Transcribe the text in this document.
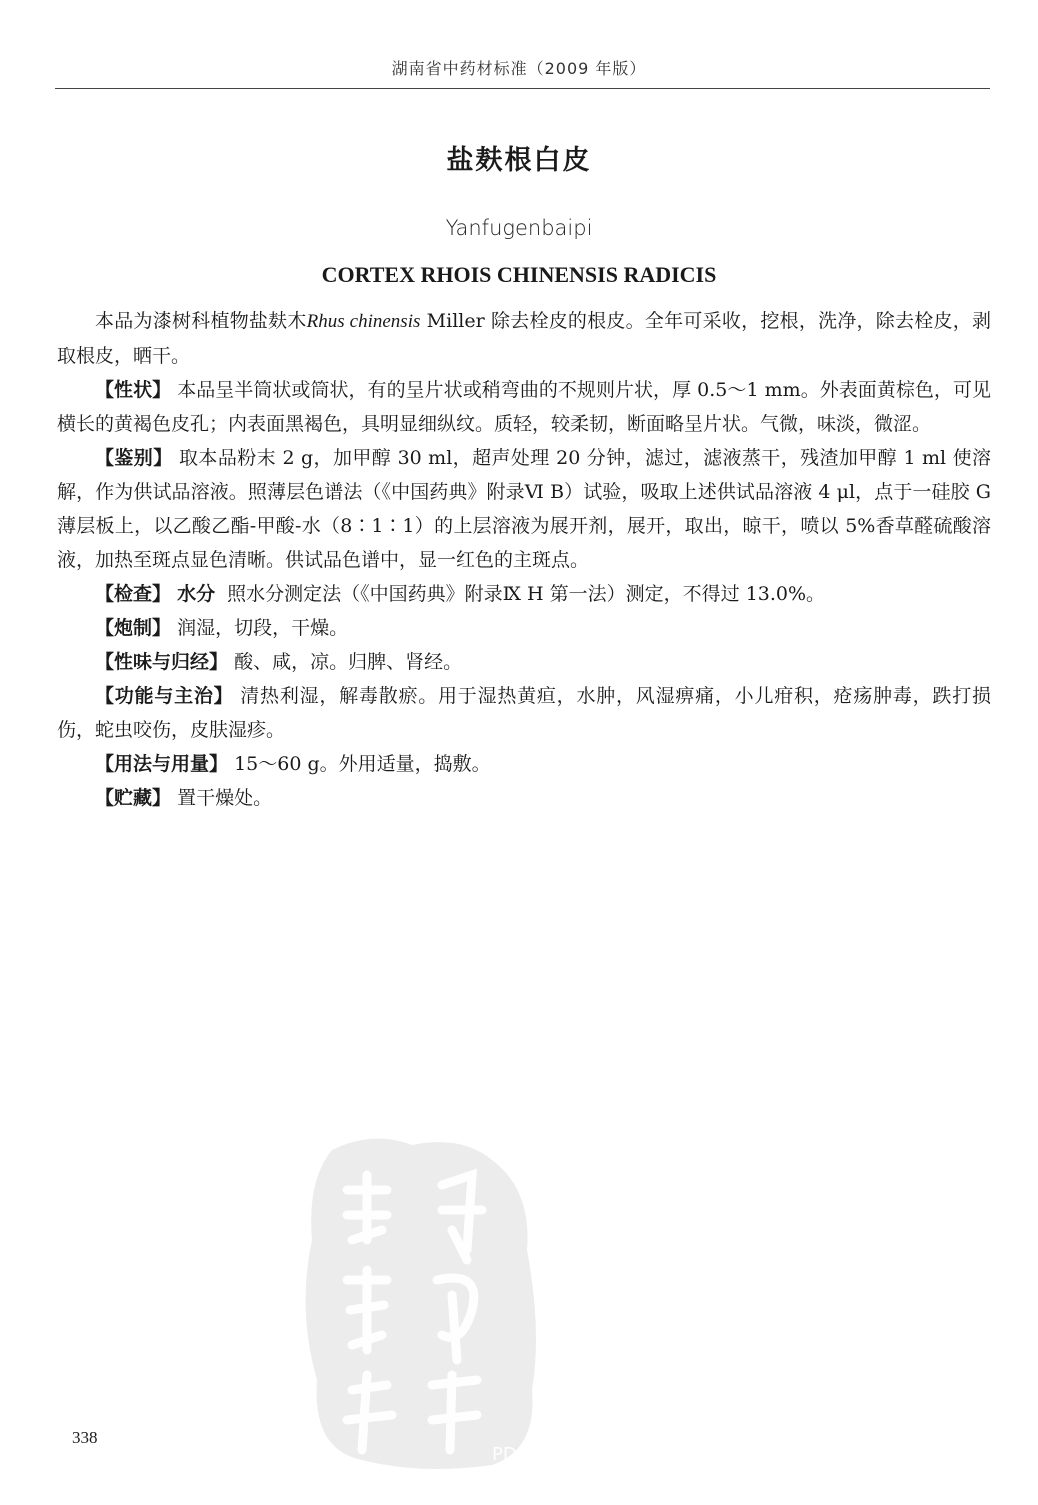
湖南省中药材标准（2009 年版）
盐麸根白皮
Yanfugenbaipi
CORTEX RHOIS CHINENSIS RADICIS

本品为漆树科植物盐麸木Rhus chinensis Miller 除去栓皮的根皮。全年可采收，挖根，洗净，除去栓皮，剥取根皮，晒干。

【性状】 本品呈半筒状或筒状，有的呈片状或稍弯曲的不规则片状，厚 0.5～1 mm。外表面黄棕色，可见横长的黄褐色皮孔；内表面黑褐色，具明显细纵纹。质轻，较柔韧，断面略呈片状。气微，味淡，微涩。

【鉴别】 取本品粉末 2 g，加甲醇 30 ml，超声处理 20 分钟，滤过，滤液蒸干，残渣加甲醇 1 ml 使溶解，作为供试品溶液。照薄层色谱法（《中国药典》附录Ⅵ B）试验，吸取上述供试品溶液 4 μl，点于一硅胶 G 薄层板上，以乙酸乙酯-甲酸-水（8∶1∶1）的上层溶液为展开剂，展开，取出，晾干，喷以 5%香草醛硫酸溶液，加热至斑点显色清晰。供试品色谱中，显一红色的主斑点。

【检查】 水分 照水分测定法（《中国药典》附录Ⅸ H 第一法）测定，不得过 13.0%。

【炮制】 润湿，切段，干燥。

【性味与归经】 酸、咸，凉。归脾、肾经。

【功能与主治】 清热利湿，解毒散瘀。用于湿热黄疸，水肿，风湿痹痛，小儿疳积，疮疡肿毒，跌打损伤，蛇虫咬伤，皮肤湿疹。

【用法与用量】 15～60 g。外用适量，捣敷。

【贮藏】 置干燥处。

PDG
338
